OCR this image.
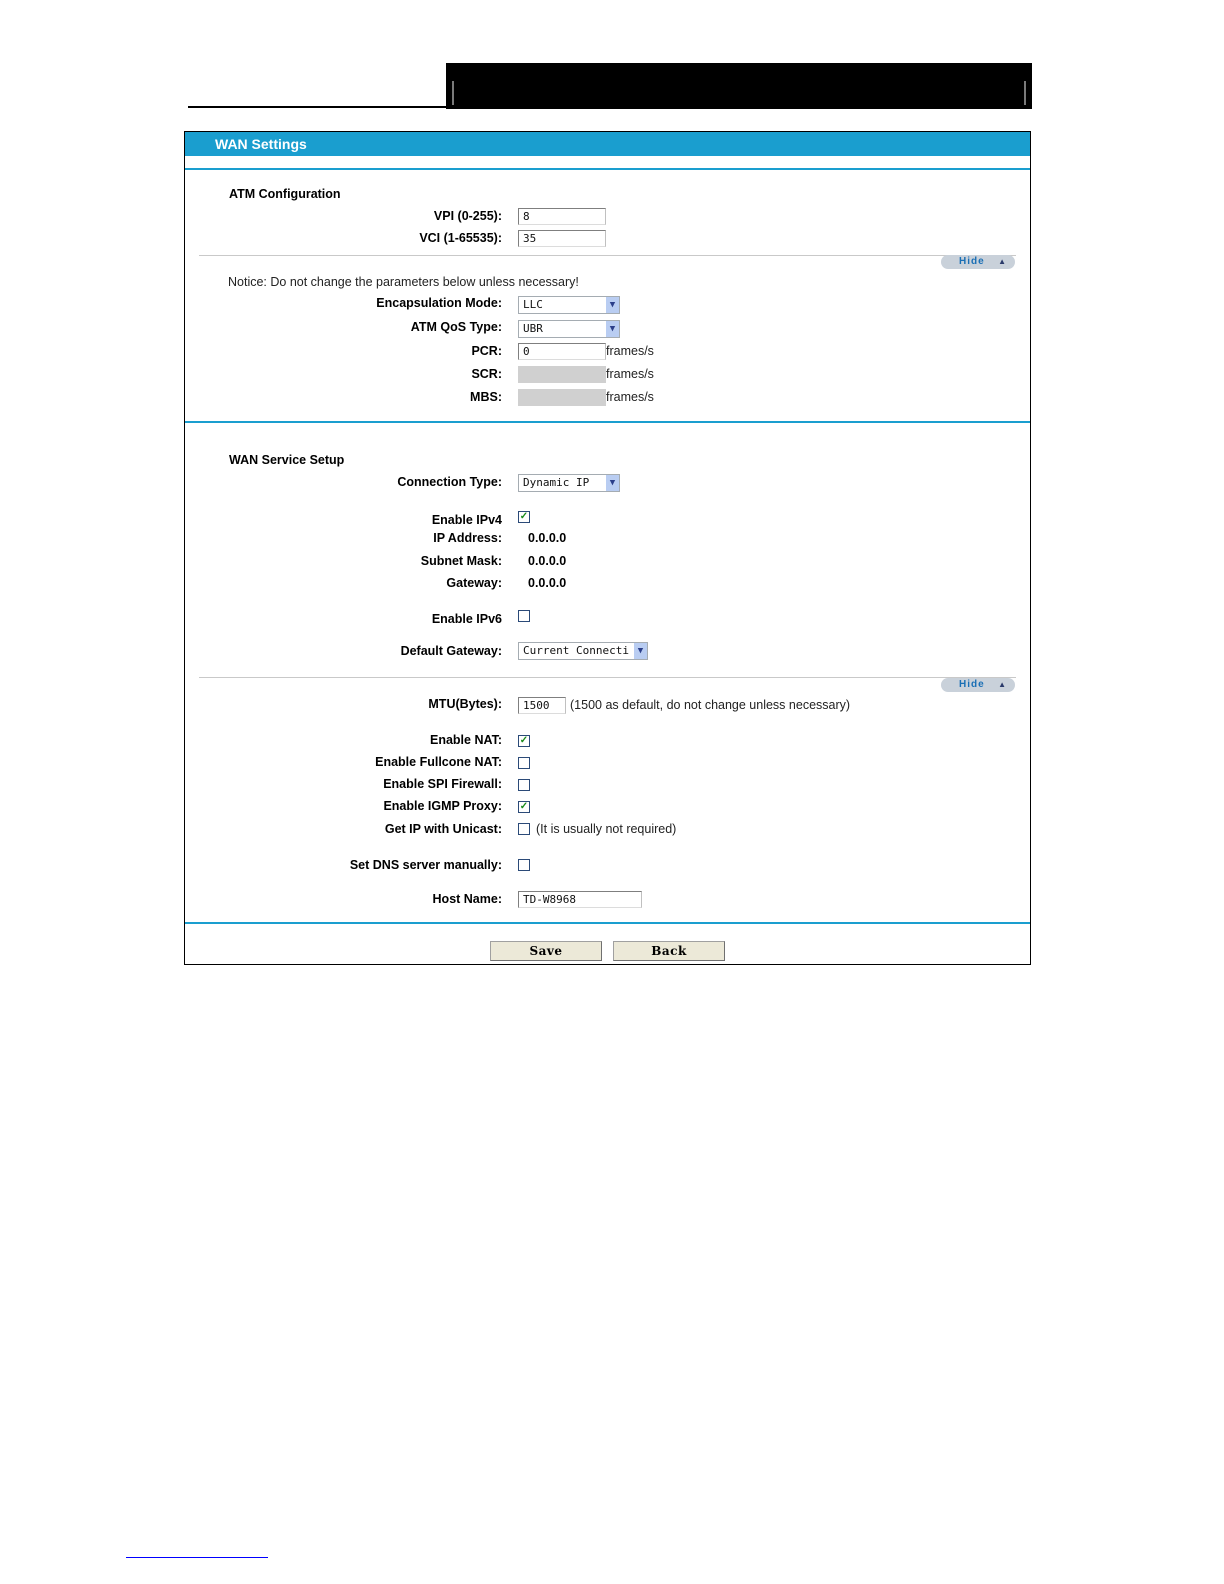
WAN Settings
ATM Configuration
VPI (0-255):	8
VCI (1-65535):	35
Hide ▲
Notice: Do not change the parameters below unless necessary!
Encapsulation Mode: LLC	▼
ATM QoS Type: UBR	▼
PCR:	0	frames/s
SCR:	frames/s
MBS:	frames/s
WAN Service Setup
Connection Type: Dynamic IP	▼
Enable IPv4 ✓
IP Address: 0.0.0.0
Subnet Mask: 0.0.0.0
Gateway: 0.0.0.0
Enable IPv6
Default Gateway: Current Connecti ▼
Hide ▲
MTU(Bytes):	1500	(1500 as default, do not change unless necessary)
Enable NAT: ✓
Enable Fullcone NAT:
Enable SPI Firewall:
Enable IGMP Proxy: ✓
Get IP with Unicast:	(It is usually not required)
Set DNS server manually:
Host Name:	TD-W8968
Save	Back
